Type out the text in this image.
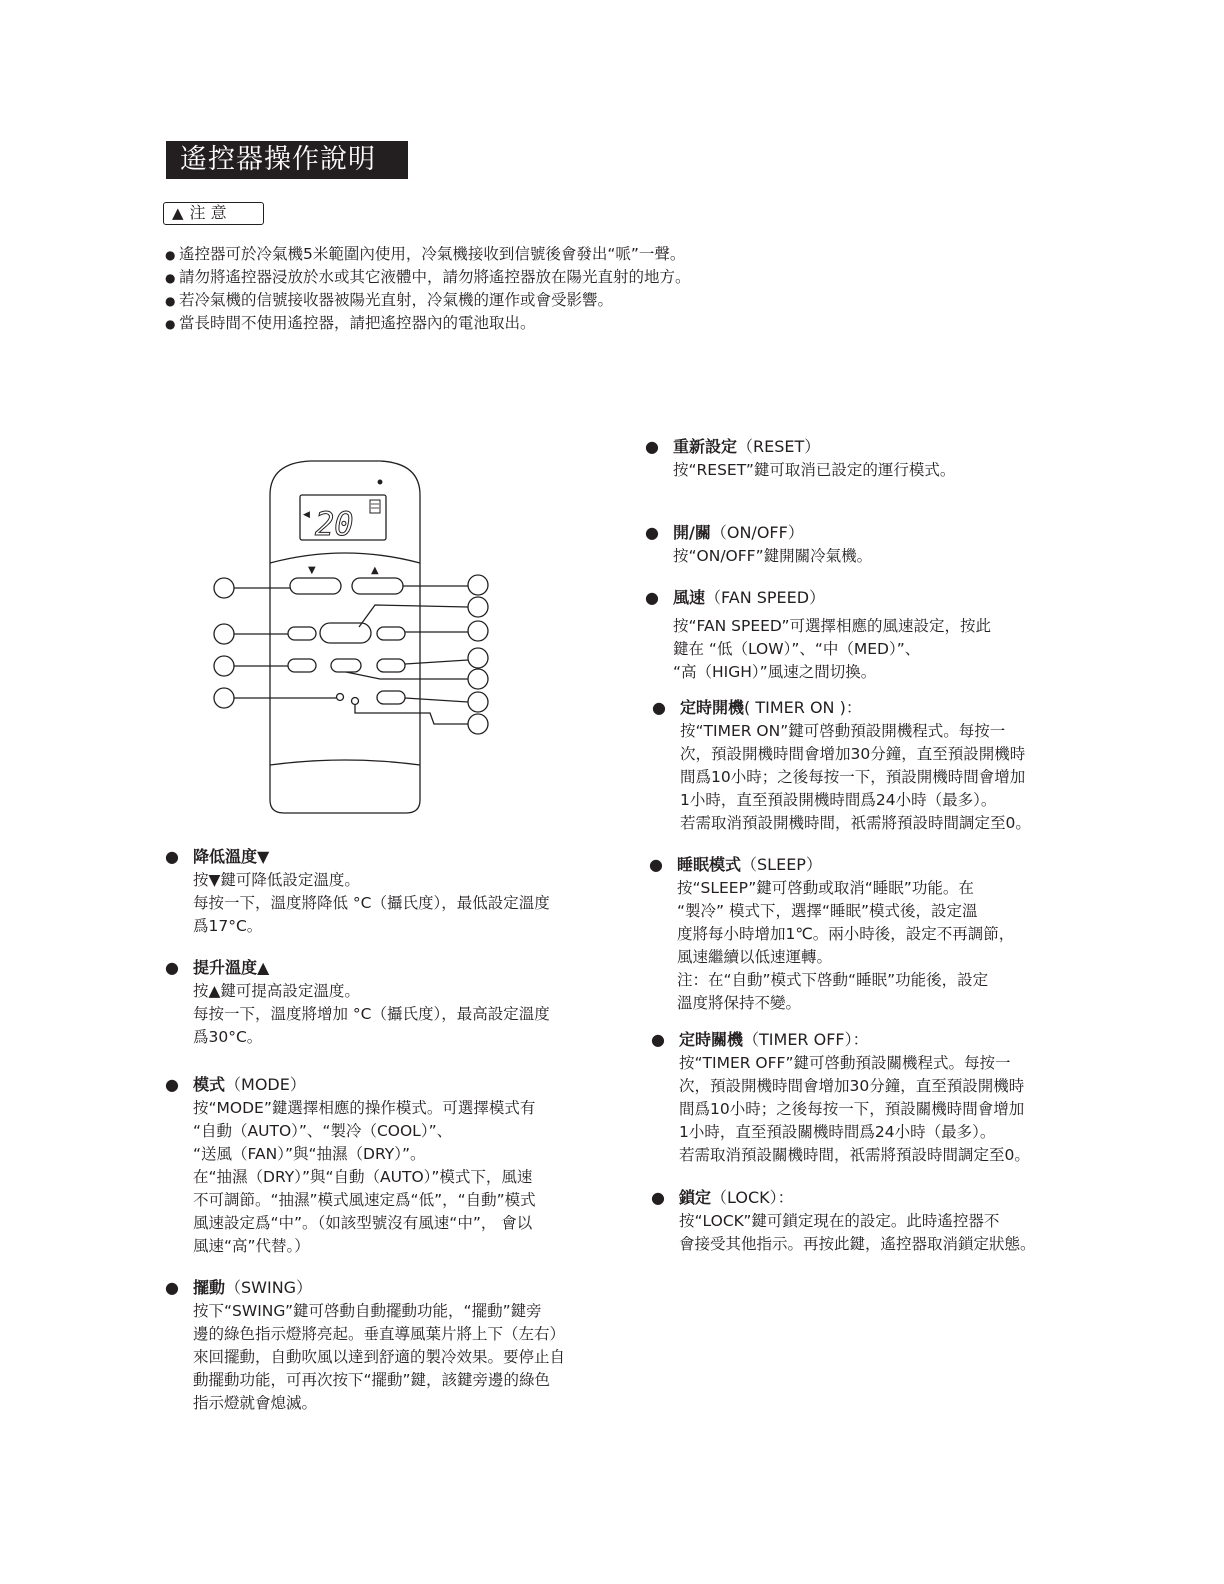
遙控器操作說明
▲ 注 意
● 遙控器可於冷氣機5米範圍內使用，冷氣機接收到信號後會發出“哌”一聲。
● 請勿將遙控器浸放於水或其它液體中，請勿將遙控器放在陽光直射的地方。
● 若冷氣機的信號接收器被陽光直射，冷氣機的運作或會受影響。
● 當長時間不使用遙控器，請把遙控器內的電池取出。
◀ 20
▼	▲
● 降低溫度▼
按▼鍵可降低設定溫度。
每按一下，溫度將降低 °C（攝氏度），最低設定溫度
爲17°C。
● 提升溫度▲
按▲鍵可提高設定溫度。
每按一下，溫度將增加 °C（攝氏度），最高設定溫度
爲30°C。
● 模式（MODE）
按“MODE”鍵選擇相應的操作模式。可選擇模式有
“自動（AUTO）”、“製冷（COOL）”、
“送風（FAN）”與“抽濕（DRY）”。
在“抽濕（DRY）”與“自動（AUTO）”模式下，風速
不可調節。“抽濕”模式風速定爲“低”，“自動”模式
風速設定爲“中”。（如該型號沒有風速“中”， 會以
風速“高”代替。）
● 擺動（SWING）
按下“SWING”鍵可啓動自動擺動功能，“擺動”鍵旁
邊的綠色指示燈將亮起。垂直導風葉片將上下（左右）
來回擺動，自動吹風以達到舒適的製冷效果。要停止自
動擺動功能，可再次按下“擺動”鍵，該鍵旁邊的綠色
指示燈就會熄滅。
● 重新設定（RESET）
按“RESET”鍵可取消已設定的運行模式。
● 開/關（ON/OFF）
按“ON/OFF”鍵開關冷氣機。
● 風速（FAN SPEED）
按“FAN SPEED”可選擇相應的風速設定，按此
鍵在 “低（LOW）”、“中（MED）”、
“高（HIGH）”風速之間切換。
● 定時開機( TIMER ON )：
按“TIMER ON”鍵可啓動預設開機程式。每按一
次，預設開機時間會增加30分鐘，直至預設開機時
間爲10小時；之後每按一下，預設開機時間會增加
1小時，直至預設開機時間爲24小時（最多）。
若需取消預設開機時間，祇需將預設時間調定至0。
● 睡眠模式（SLEEP）
按“SLEEP”鍵可啓動或取消“睡眠”功能。在
“製冷” 模式下，選擇“睡眠”模式後，設定溫
度將每小時增加1℃。兩小時後，設定不再調節，
風速繼續以低速運轉。
注：在“自動”模式下啓動“睡眠”功能後，設定
溫度將保持不變。
● 定時關機（TIMER OFF）：
按“TIMER OFF”鍵可啓動預設關機程式。每按一
次，預設開機時間會增加30分鐘，直至預設開機時
間爲10小時；之後每按一下，預設關機時間會增加
1小時，直至預設關機時間爲24小時（最多）。
若需取消預設關機時間，祇需將預設時間調定至0。
● 鎖定（LOCK）：
按“LOCK”鍵可鎖定現在的設定。此時遙控器不
會接受其他指示。再按此鍵，遙控器取消鎖定狀態。
